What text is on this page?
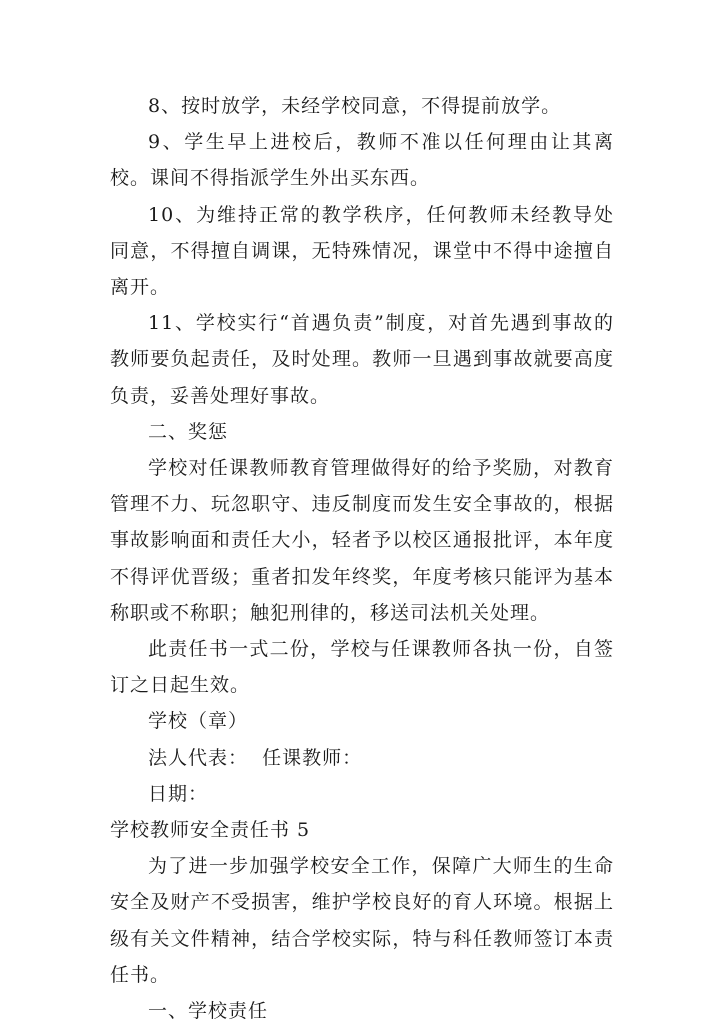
8、按时放学，未经学校同意，不得提前放学。

9、学生早上进校后，教师不准以任何理由让其离校。课间不得指派学生外出买东西。

10、为维持正常的教学秩序，任何教师未经教导处同意，不得擅自调课，无特殊情况，课堂中不得中途擅自离开。

11、学校实行“首遇负责”制度，对首先遇到事故的教师要负起责任，及时处理。教师一旦遇到事故就要高度负责，妥善处理好事故。

二、奖惩

学校对任课教师教育管理做得好的给予奖励，对教育管理不力、玩忽职守、违反制度而发生安全事故的，根据事故影响面和责任大小，轻者予以校区通报批评，本年度不得评优晋级；重者扣发年终奖，年度考核只能评为基本称职或不称职；触犯刑律的，移送司法机关处理。

此责任书一式二份，学校与任课教师各执一份，自签订之日起生效。

学校（章）

法人代表：  任课教师：

日期：

学校教师安全责任书 5

为了进一步加强学校安全工作，保障广大师生的生命安全及财产不受损害，维护学校良好的育人环境。根据上级有关文件精神，结合学校实际，特与科任教师签订本责任书。

一、学校责任
